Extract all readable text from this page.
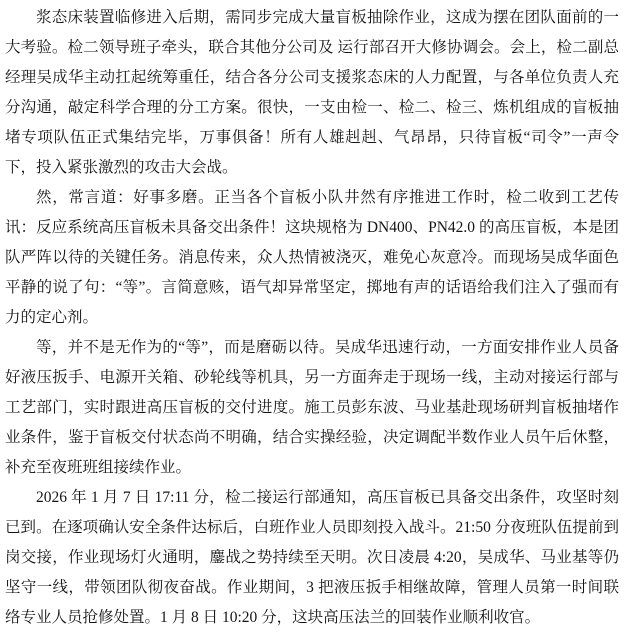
浆态床装置临修进入后期，需同步完成大量盲板抽除作业，这成为摆在团队面前的一大考验。检二领导班子牵头，联合其他分公司及 运行部召开大修协调会。会上，检二副总经理吴成华主动扛起统筹重任，结合各分公司支援浆态床的人力配置，与各单位负责人充分沟通，敲定科学合理的分工方案。很快，一支由检一、检二、检三、炼机组成的盲板抽堵专项队伍正式集结完毕，万事俱备！所有人雄赳赳、气昂昂，只待盲板“司令”一声令下，投入紧张激烈的攻击大会战。

然，常言道：好事多磨。正当各个盲板小队井然有序推进工作时，检二收到工艺传讯：反应系统高压盲板未具备交出条件！这块规格为 DN400、PN42.0 的高压盲板，本是团队严阵以待的关键任务。消息传来，众人热情被浇灭，难免心灰意冷。而现场吴成华面色平静的说了句：“等”。言简意赅，语气却异常坚定，掷地有声的话语给我们注入了强而有力的定心剂。

等，并不是无作为的“等”，而是磨砺以待。吴成华迅速行动，一方面安排作业人员备好液压扳手、电源开关箱、砂轮线等机具，另一方面奔走于现场一线，主动对接运行部与工艺部门，实时跟进高压盲板的交付进度。施工员彭东波、马业基赴现场研判盲板抽堵作业条件，鉴于盲板交付状态尚不明确，结合实操经验，决定调配半数作业人员午后休整，补充至夜班班组接续作业。

2026 年 1 月 7 日 17:11 分，检二接运行部通知，高压盲板已具备交出条件，攻坚时刻已到。在逐项确认安全条件达标后，白班作业人员即刻投入战斗。21:50 分夜班队伍提前到岗交接，作业现场灯火通明，鏖战之势持续至天明。次日凌晨 4:20，吴成华、马业基等仍坚守一线，带领团队彻夜奋战。作业期间，3 把液压扳手相继故障，管理人员第一时间联络专业人员抢修处置。1 月 8 日 10:20 分，这块高压法兰的回装作业顺利收官。
